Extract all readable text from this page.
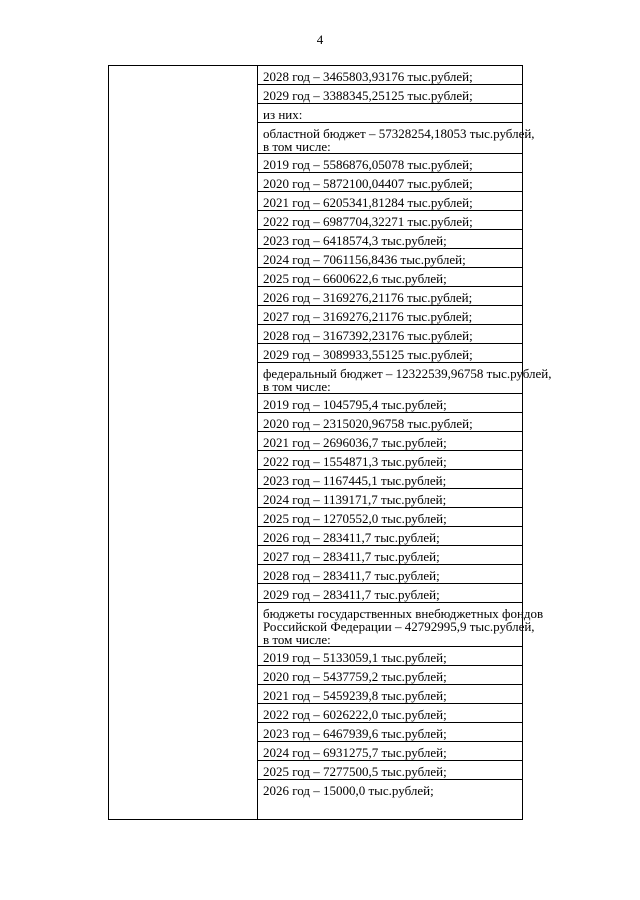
4
2028 год – 3465803,93176 тыс.рублей;
2029 год – 3388345,25125 тыс.рублей;
из них:
областной бюджет – 57328254,18053 тыс.рублей,
в том числе:
2019 год – 5586876,05078 тыс.рублей;
2020 год – 5872100,04407 тыс.рублей;
2021 год – 6205341,81284 тыс.рублей;
2022 год – 6987704,32271 тыс.рублей;
2023 год – 6418574,3 тыс.рублей;
2024 год – 7061156,8436 тыс.рублей;
2025 год – 6600622,6 тыс.рублей;
2026 год – 3169276,21176 тыс.рублей;
2027 год – 3169276,21176 тыс.рублей;
2028 год – 3167392,23176 тыс.рублей;
2029 год – 3089933,55125 тыс.рублей;
федеральный бюджет – 12322539,96758 тыс.рублей,
в том числе:
2019 год – 1045795,4 тыс.рублей;
2020 год – 2315020,96758 тыс.рублей;
2021 год – 2696036,7 тыс.рублей;
2022 год – 1554871,3 тыс.рублей;
2023 год – 1167445,1 тыс.рублей;
2024 год – 1139171,7 тыс.рублей;
2025 год – 1270552,0 тыс.рублей;
2026 год – 283411,7 тыс.рублей;
2027 год – 283411,7 тыс.рублей;
2028 год – 283411,7 тыс.рублей;
2029 год – 283411,7 тыс.рублей;
бюджеты государственных внебюджетных фондов
Российской Федерации – 42792995,9 тыс.рублей,
в том числе:
2019 год – 5133059,1 тыс.рублей;
2020 год – 5437759,2 тыс.рублей;
2021 год – 5459239,8 тыс.рублей;
2022 год – 6026222,0 тыс.рублей;
2023 год – 6467939,6 тыс.рублей;
2024 год – 6931275,7 тыс.рублей;
2025 год – 7277500,5 тыс.рублей;
2026 год – 15000,0 тыс.рублей;
